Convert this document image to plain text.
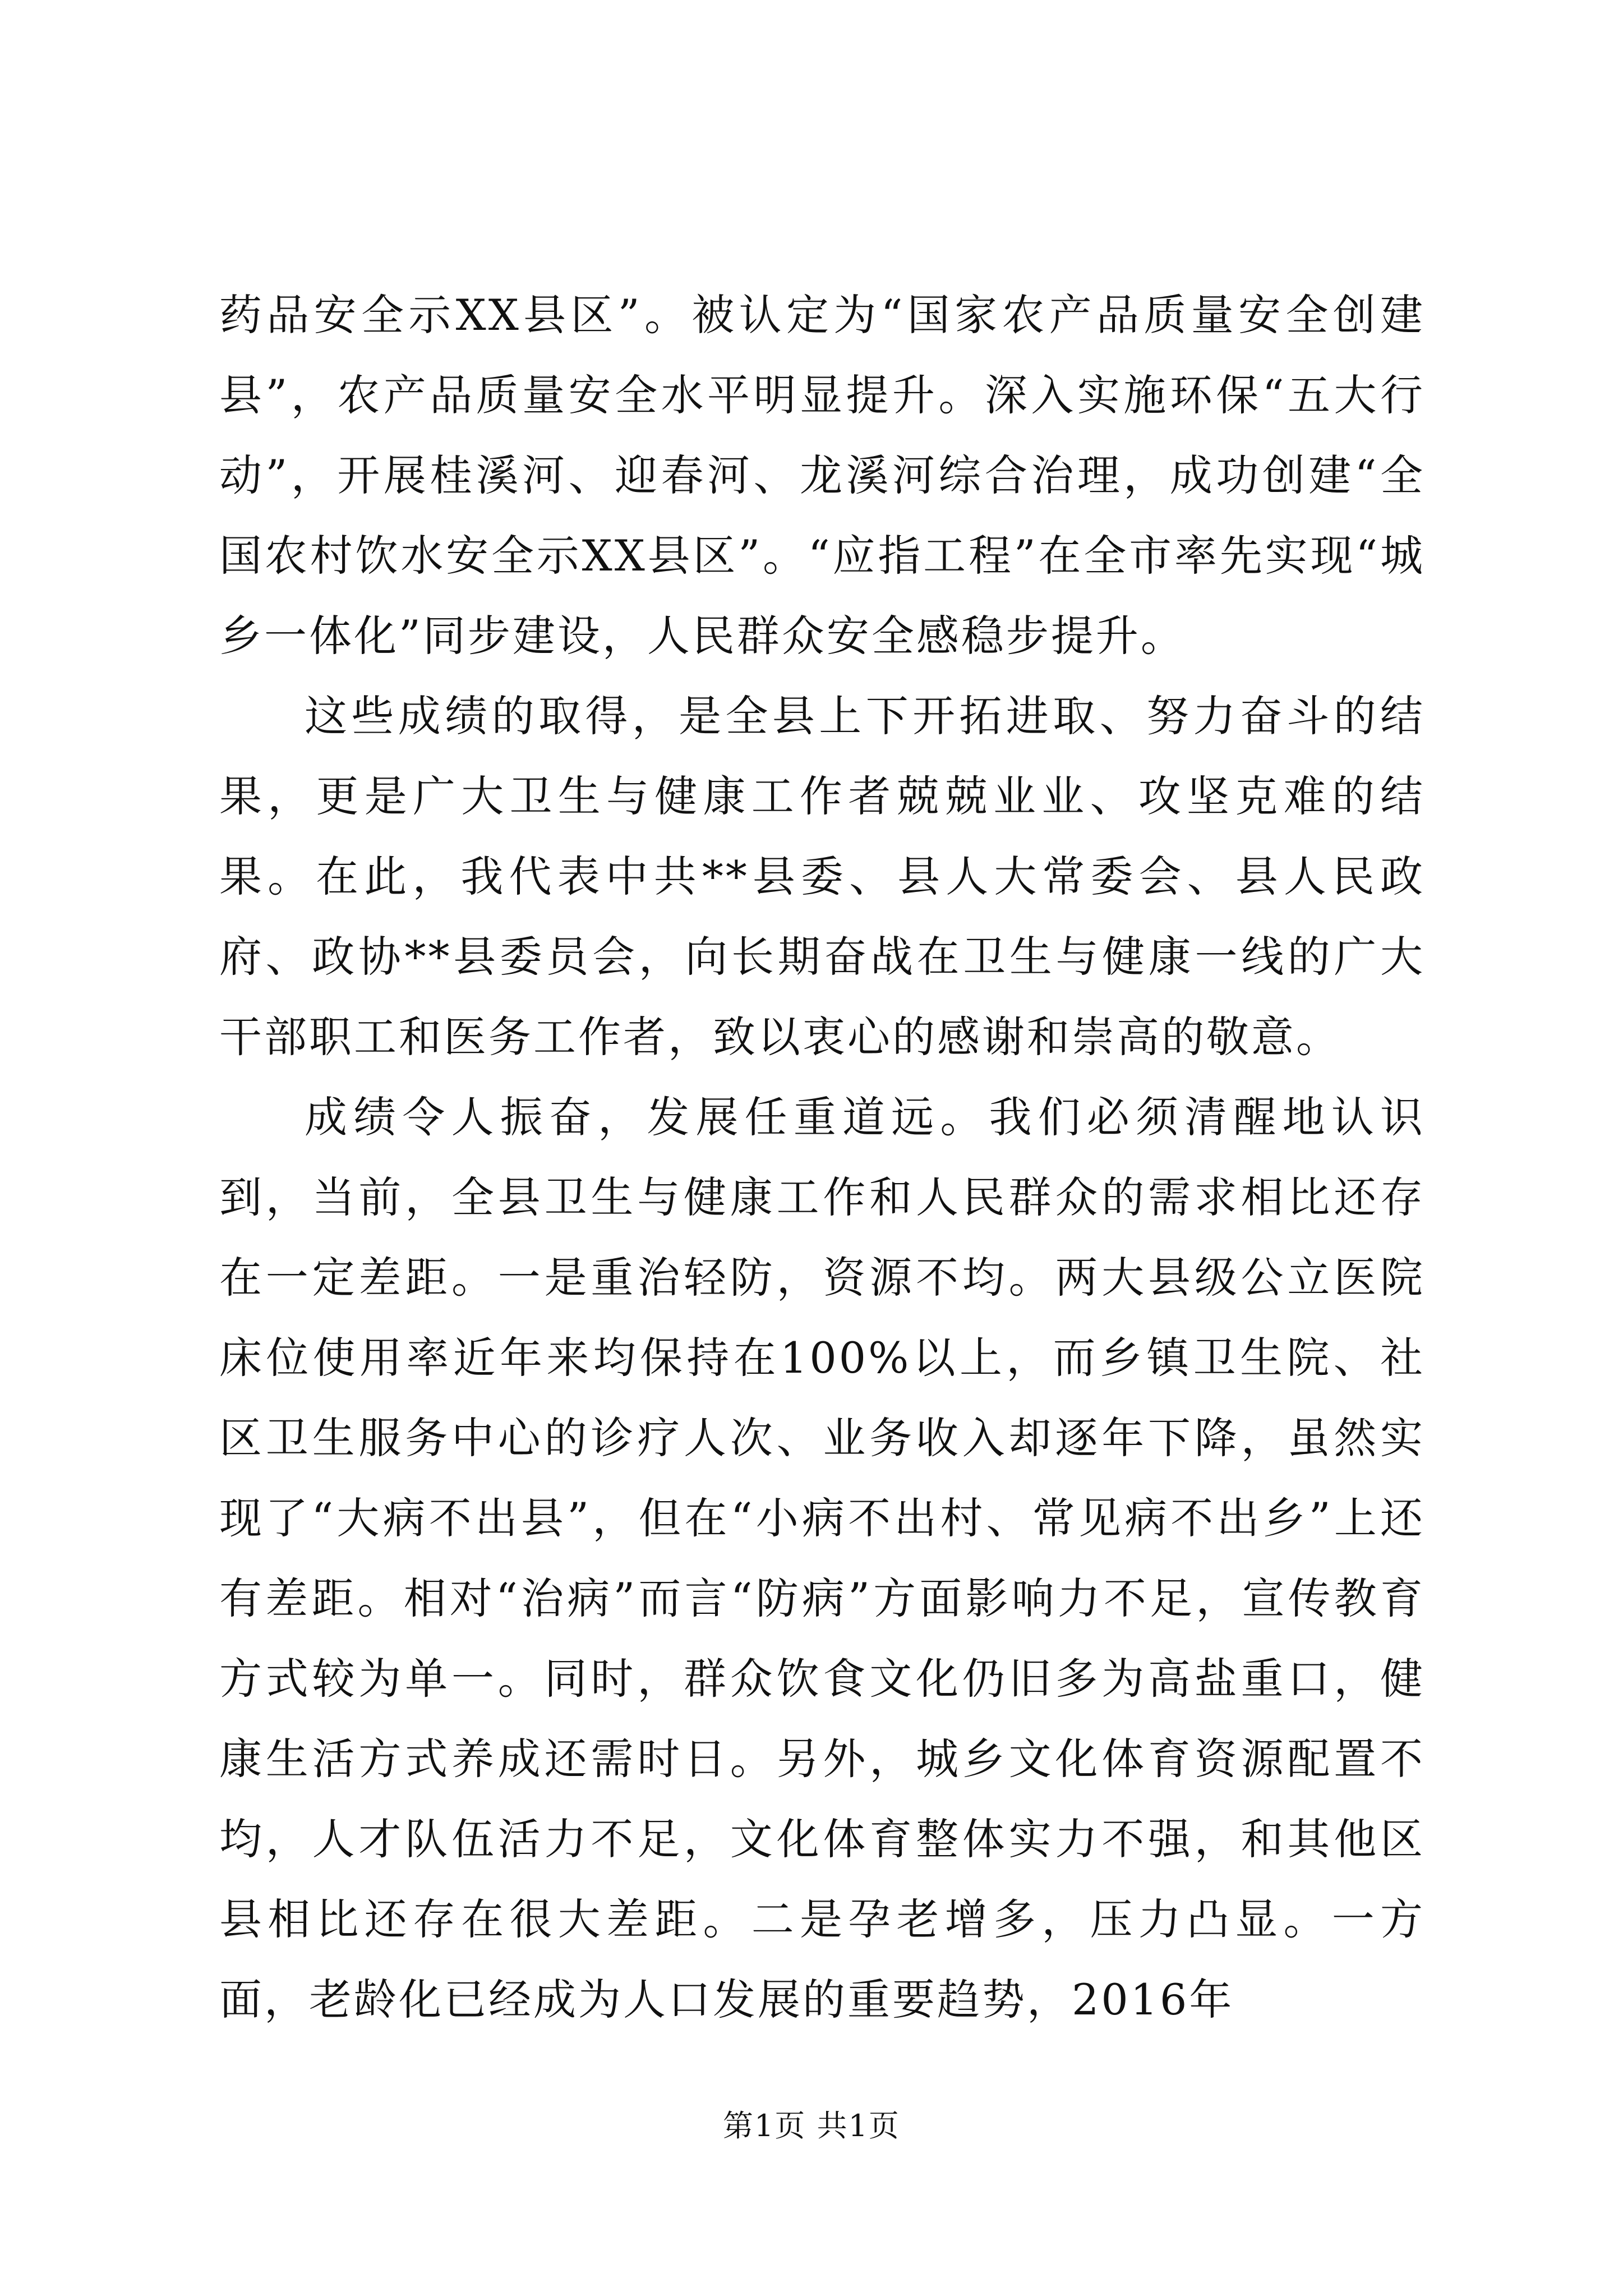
药品安全示XX县区”。被认定为“国家农产品质量安全创建县”，农产品质量安全水平明显提升。深入实施环保“五大行动”，开展桂溪河、迎春河、龙溪河综合治理，成功创建“全国农村饮水安全示XX县区”。“应指工程”在全市率先实现“城乡一体化”同步建设，人民群众安全感稳步提升。

这些成绩的取得，是全县上下开拓进取、努力奋斗的结果，更是广大卫生与健康工作者兢兢业业、攻坚克难的结果。在此，我代表中共**县委、县人大常委会、县人民政府、政协**县委员会，向长期奋战在卫生与健康一线的广大干部职工和医务工作者，致以衷心的感谢和崇高的敬意。

成绩令人振奋，发展任重道远。我们必须清醒地认识到，当前，全县卫生与健康工作和人民群众的需求相比还存在一定差距。一是重治轻防，资源不均。两大县级公立医院床位使用率近年来均保持在100%以上，而乡镇卫生院、社区卫生服务中心的诊疗人次、业务收入却逐年下降，虽然实现了“大病不出县”，但在“小病不出村、常见病不出乡”上还有差距。相对“治病”而言“防病”方面影响力不足，宣传教育方式较为单一。同时，群众饮食文化仍旧多为高盐重口，健康生活方式养成还需时日。另外，城乡文化体育资源配置不均，人才队伍活力不足，文化体育整体实力不强，和其他区县相比还存在很大差距。二是孕老增多，压力凸显。一方面，老龄化已经成为人口发展的重要趋势，2016年

第1页 共1页
